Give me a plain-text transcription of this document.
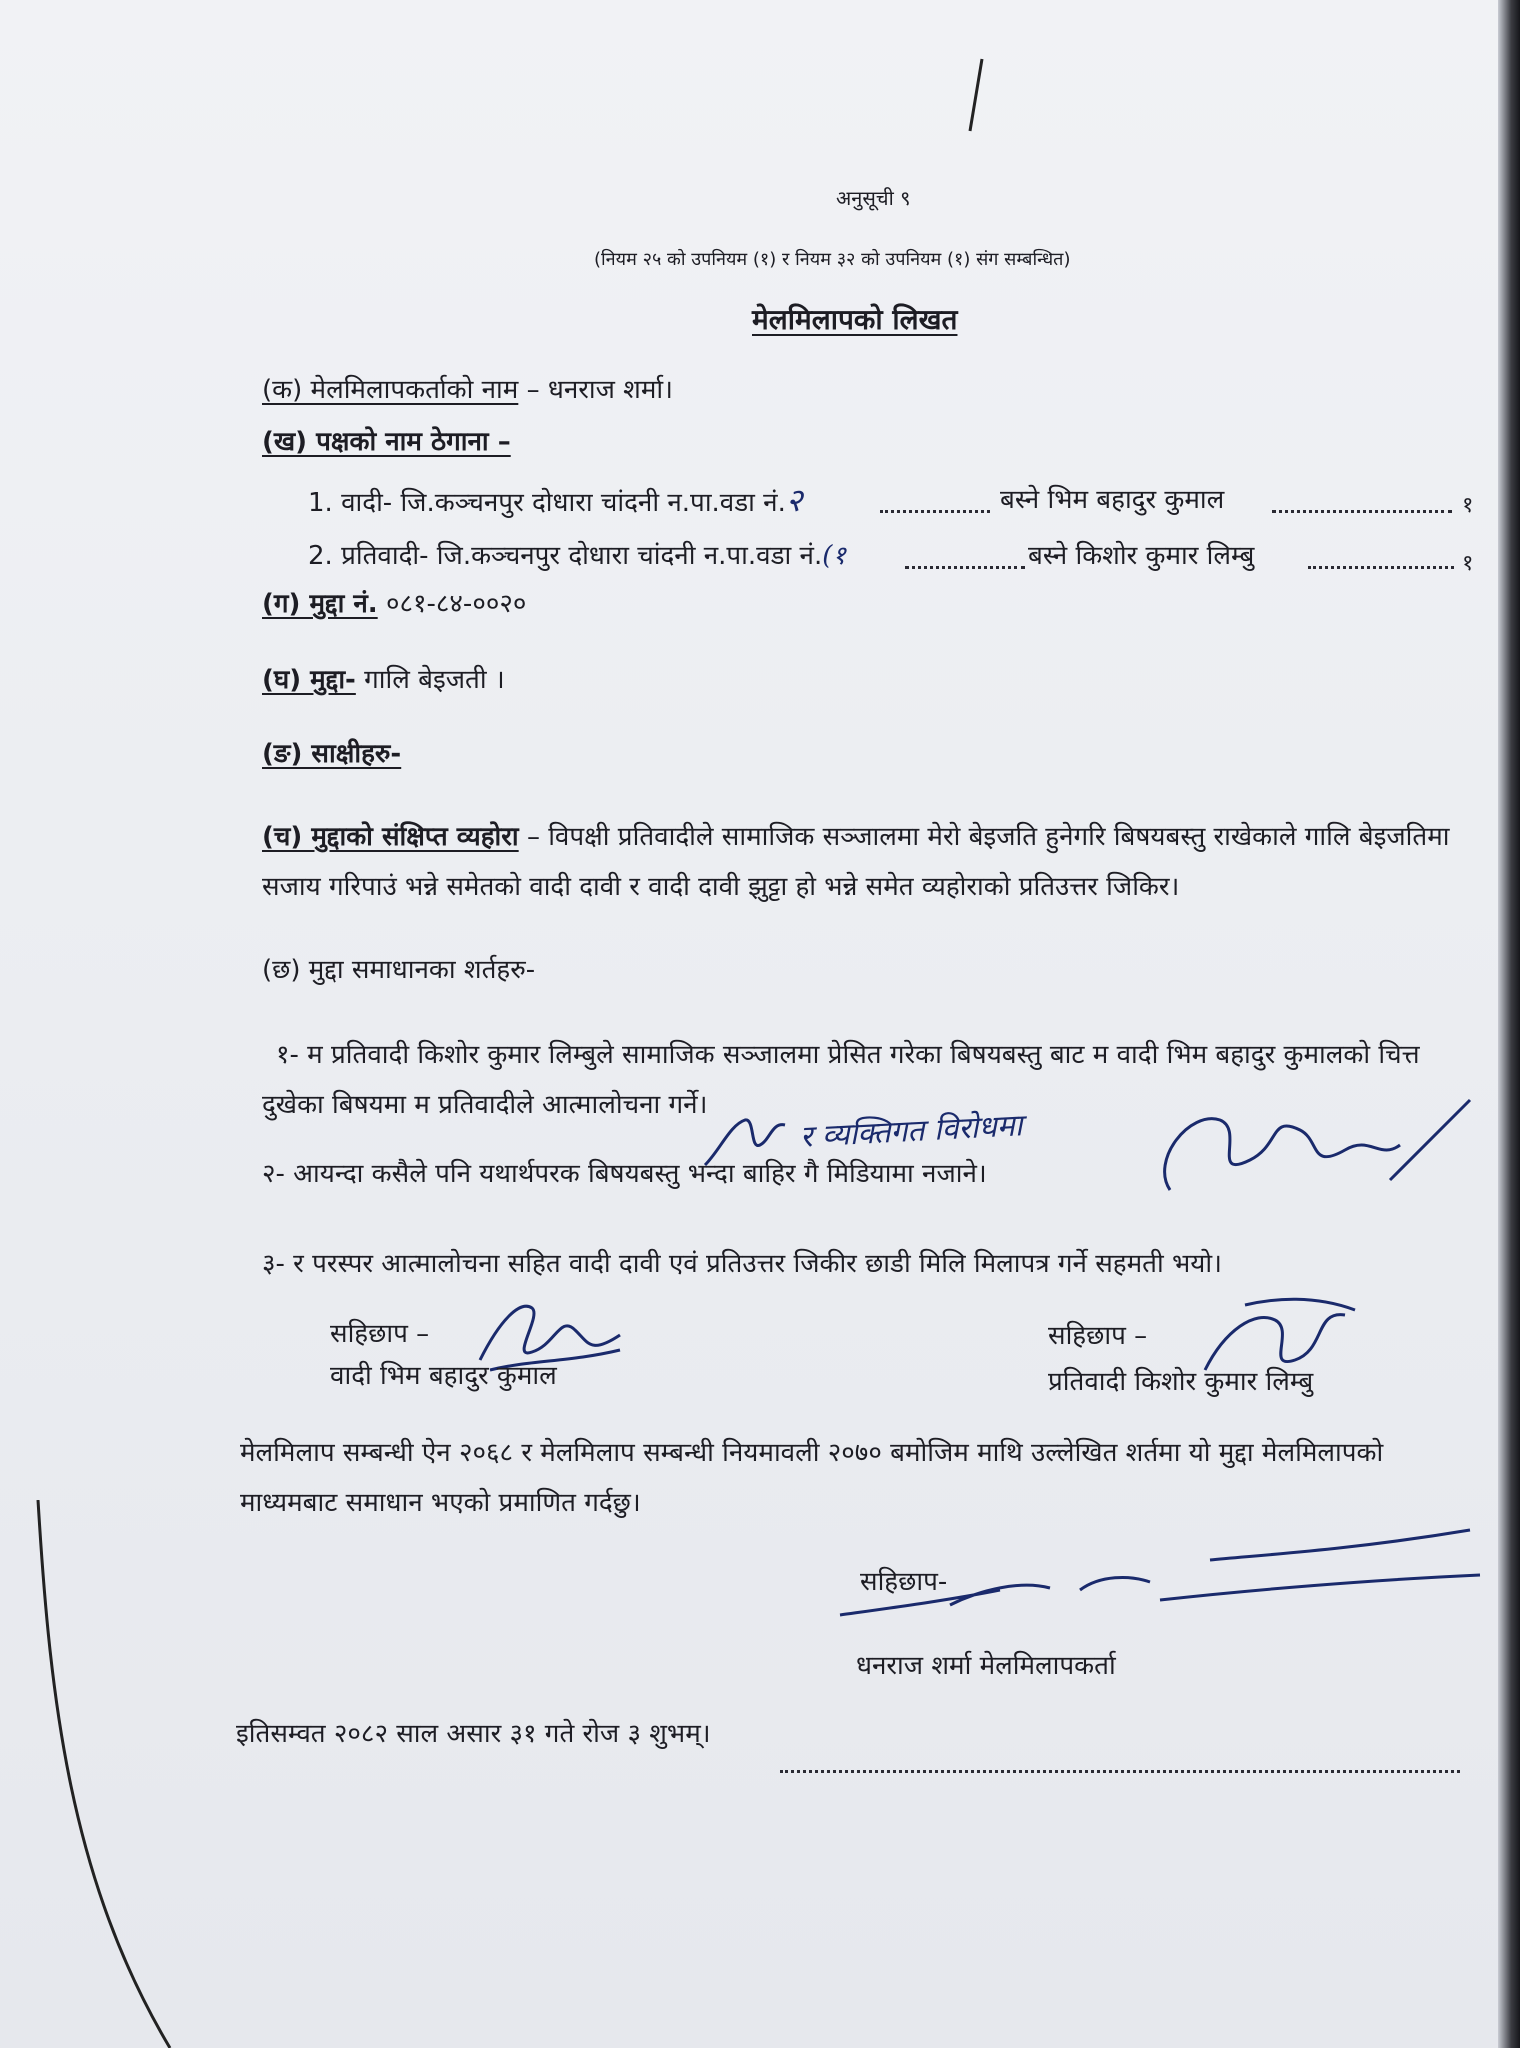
अनुसूची ९
(नियम २५ को उपनियम (१) र नियम ३२ को उपनियम (१) संग सम्बन्धित)
मेलमिलापको लिखत
(क) मेलमिलापकर्ताको नाम – धनराज शर्मा।
(ख) पक्षको नाम ठेगाना –
1. वादी- जि.कञ्चनपुर दोधारा चांदनी न.पा.वडा नं.२	बस्ने भिम बहादुर कुमाल	१
2. प्रतिवादी- जि.कञ्चनपुर दोधारा चांदनी न.पा.वडा नं.(१	बस्ने किशोर कुमार लिम्बु	१
(ग) मुद्दा नं. ०८१-८४-००२०
(घ) मुद्दा- गालि बेइजती ।
(ङ) साक्षीहरु-
(च) मुद्दाको संक्षिप्त व्यहोरा – विपक्षी प्रतिवादीले सामाजिक सञ्जालमा मेरो बेइजति हुनेगरि बिषयबस्तु राखेकाले गालि बेइजतिमा सजाय गरिपाउं भन्ने समेतको वादी दावी र वादी दावी झुट्टा हो भन्ने समेत व्यहोराको प्रतिउत्तर जिकिर।
(छ) मुद्दा समाधानका शर्तहरु-
१- म प्रतिवादी किशोर कुमार लिम्बुले सामाजिक सञ्जालमा प्रेसित गरेका बिषयबस्तु बाट म वादी भिम बहादुर कुमालको चित्त दुखेका बिषयमा म प्रतिवादीले आत्मालोचना गर्ने।
२- आयन्दा कसैले पनि यथार्थपरक बिषयबस्तु भन्दा बाहिर गै मिडियामा नजाने।
३- र परस्पर आत्मालोचना सहित वादी दावी एवं प्रतिउत्तर जिकीर छाडी मिलि मिलापत्र गर्ने सहमती भयो।
र व्यक्तिगत विरोधमा
सहिछाप –
वादी भिम बहादुर कुमाल
सहिछाप –
प्रतिवादी किशोर कुमार लिम्बु
मेलमिलाप सम्बन्धी ऐन २०६८ र मेलमिलाप सम्बन्धी नियमावली २०७० बमोजिम माथि उल्लेखित शर्तमा यो मुद्दा मेलमिलापको माध्यमबाट समाधान भएको प्रमाणित गर्दछु।
सहिछाप-
धनराज शर्मा मेलमिलापकर्ता
इतिसम्वत २०८२ साल असार ३१ गते रोज ३ शुभम्।
